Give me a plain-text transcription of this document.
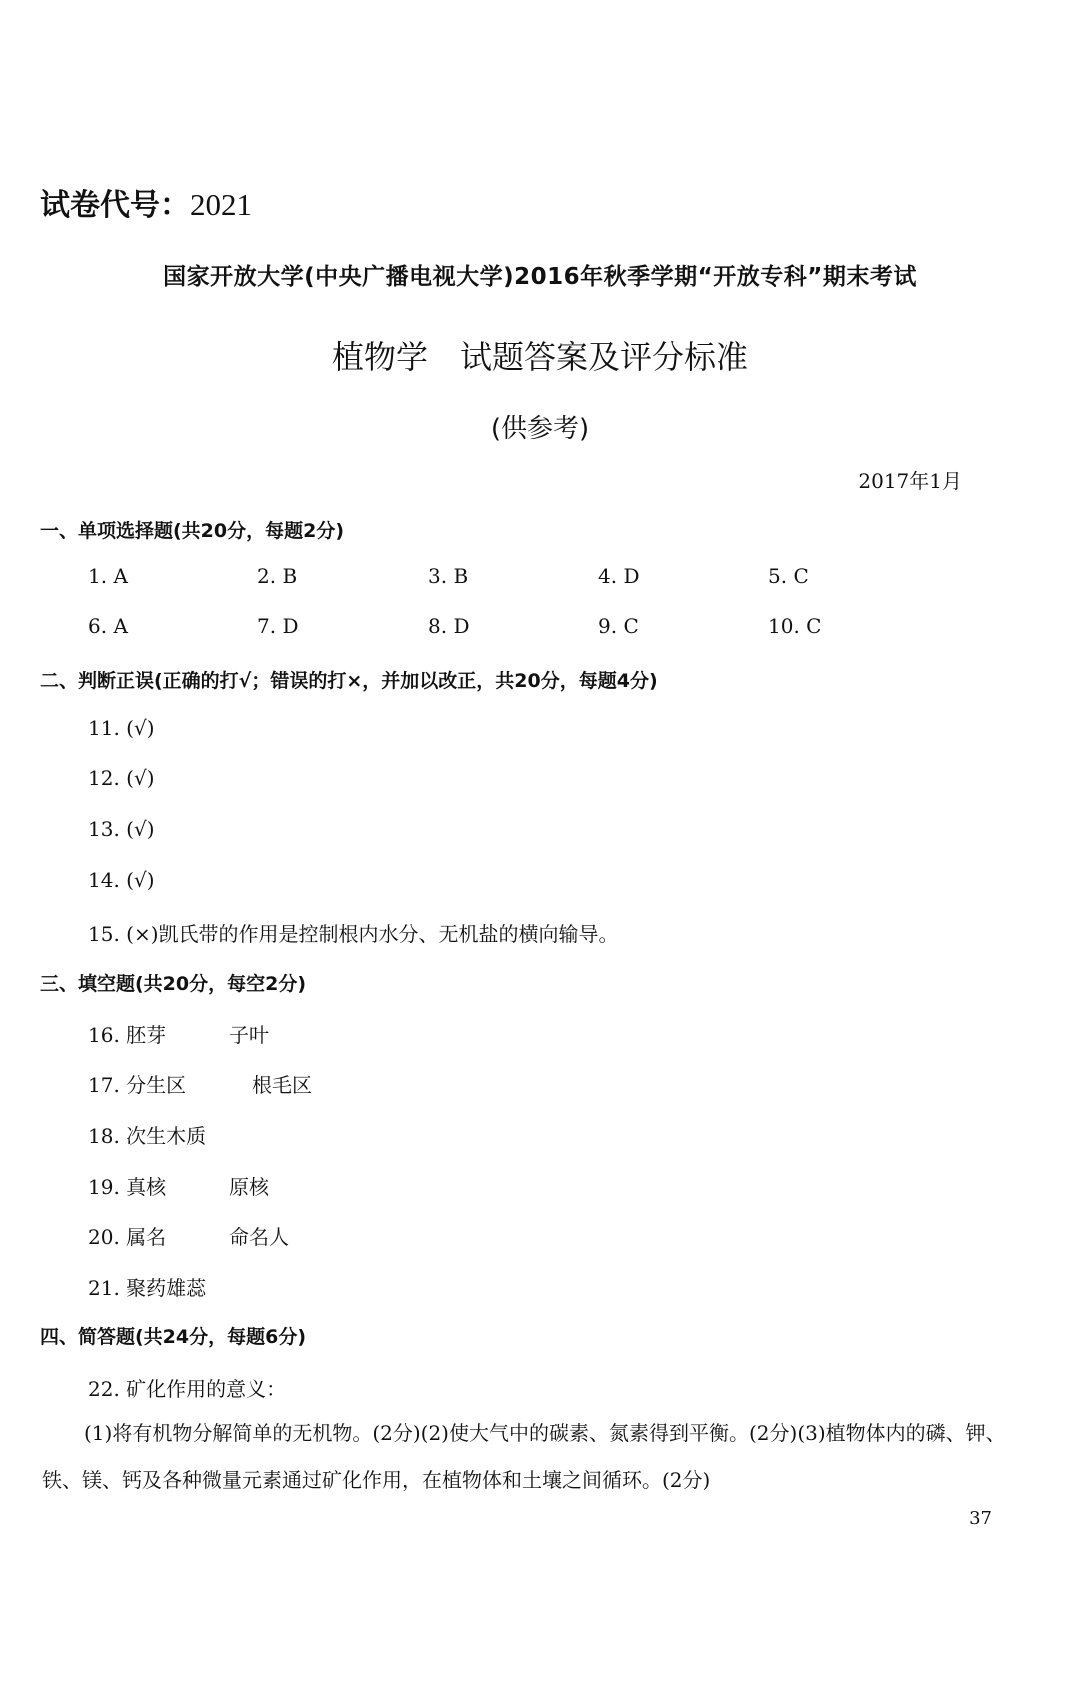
试卷代号：2021
国家开放大学(中央广播电视大学)2016年秋季学期“开放专科”期末考试
植物学　试题答案及评分标准
(供参考)
2017年1月
一、单项选择题(共20分，每题2分)
1. A	2. B	3. B	4. D	5. C
6. A	7. D	8. D	9. C	10. C
二、判断正误(正确的打√；错误的打×，并加以改正，共20分，每题4分)
11. (√)
12. (√)
13. (√)
14. (√)
15. (×)凯氏带的作用是控制根内水分、无机盐的横向输导。
三、填空题(共20分，每空2分)
16. 胚芽	子叶
17. 分生区	根毛区
18. 次生木质
19. 真核	原核
20. 属名	命名人
21. 聚药雄蕊
四、简答题(共24分，每题6分)
22. 矿化作用的意义：
(1)将有机物分解简单的无机物。(2分)(2)使大气中的碳素、氮素得到平衡。(2分)(3)植物体内的磷、钾、铁、镁、钙及各种微量元素通过矿化作用，在植物体和土壤之间循环。(2分)
37
